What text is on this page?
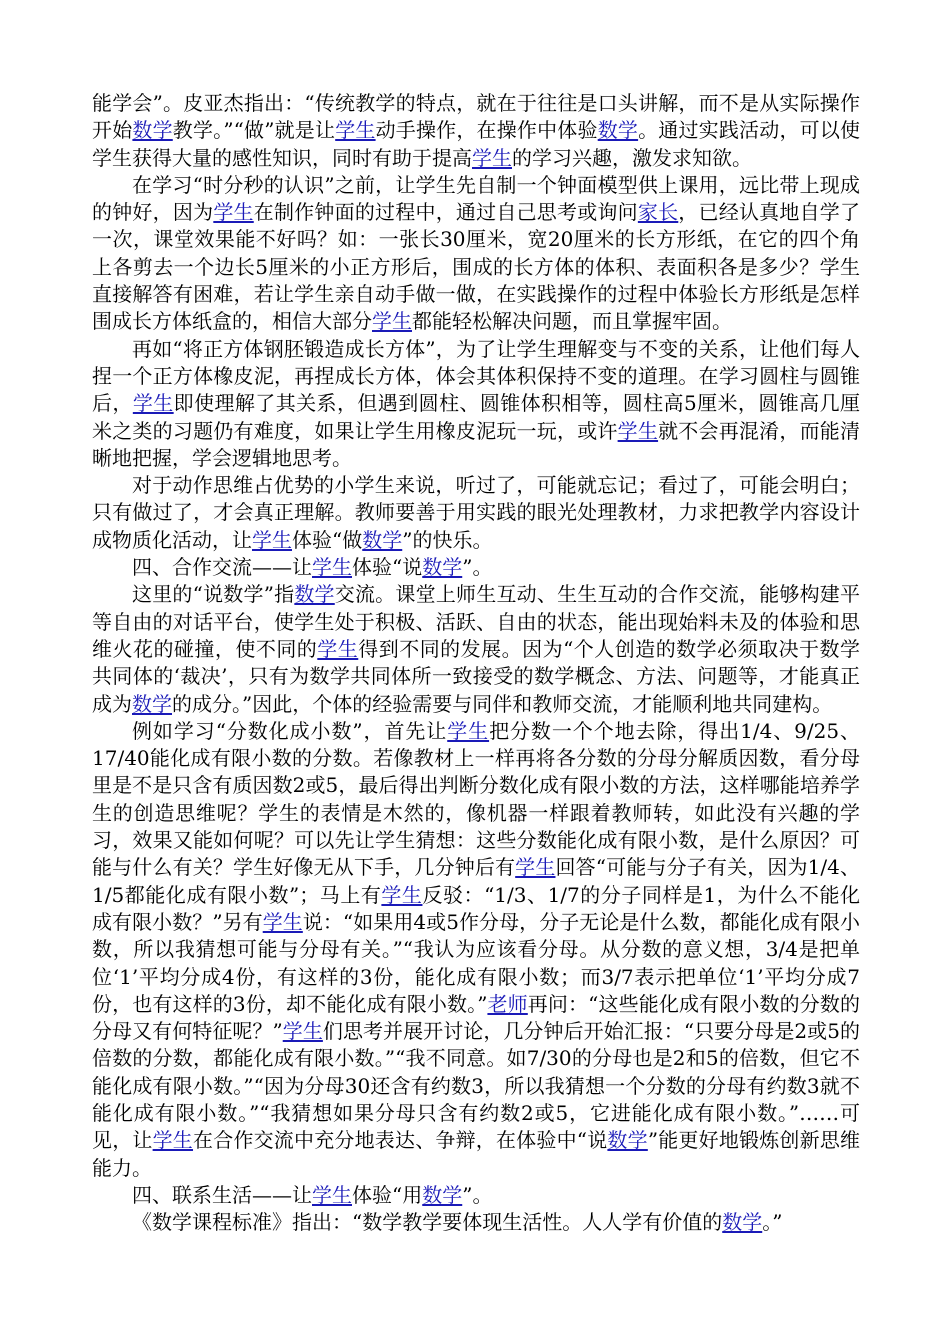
能学会”。皮亚杰指出：“传统教学的特点，就在于往往是口头讲解，而不是从实际操作开始数学教学。”“做”就是让学生动手操作，在操作中体验数学。通过实践活动，可以使学生获得大量的感性知识，同时有助于提高学生的学习兴趣，激发求知欲。

在学习“时分秒的认识”之前，让学生先自制一个钟面模型供上课用，远比带上现成的钟好，因为学生在制作钟面的过程中，通过自己思考或询问家长，已经认真地自学了一次，课堂效果能不好吗？如：一张长30厘米，宽20厘米的长方形纸，在它的四个角上各剪去一个边长5厘米的小正方形后，围成的长方体的体积、表面积各是多少？学生直接解答有困难，若让学生亲自动手做一做，在实践操作的过程中体验长方形纸是怎样围成长方体纸盒的，相信大部分学生都能轻松解决问题，而且掌握牢固。

再如“将正方体钢胚锻造成长方体”，为了让学生理解变与不变的关系，让他们每人捏一个正方体橡皮泥，再捏成长方体，体会其体积保持不变的道理。在学习圆柱与圆锥后，学生即使理解了其关系，但遇到圆柱、圆锥体积相等，圆柱高5厘米，圆锥高几厘米之类的习题仍有难度，如果让学生用橡皮泥玩一玩，或许学生就不会再混淆，而能清晰地把握，学会逻辑地思考。

对于动作思维占优势的小学生来说，听过了，可能就忘记；看过了，可能会明白；只有做过了，才会真正理解。教师要善于用实践的眼光处理教材，力求把教学内容设计成物质化活动，让学生体验“做数学”的快乐。

四、合作交流——让学生体验“说数学”。

这里的“说数学”指数学交流。课堂上师生互动、生生互动的合作交流，能够构建平等自由的对话平台，使学生处于积极、活跃、自由的状态，能出现始料未及的体验和思维火花的碰撞，使不同的学生得到不同的发展。因为“个人创造的数学必须取决于数学共同体的‘裁决’，只有为数学共同体所一致接受的数学概念、方法、问题等，才能真正成为数学的成分。”因此，个体的经验需要与同伴和教师交流，才能顺利地共同建构。

例如学习“分数化成小数”，首先让学生把分数一个个地去除，得出1/4、9/25、17/40能化成有限小数的分数。若像教材上一样再将各分数的分母分解质因数，看分母里是不是只含有质因数2或5，最后得出判断分数化成有限小数的方法，这样哪能培养学生的创造思维呢？学生的表情是木然的，像机器一样跟着教师转，如此没有兴趣的学习，效果又能如何呢？可以先让学生猜想：这些分数能化成有限小数，是什么原因？可能与什么有关？学生好像无从下手，几分钟后有学生回答“可能与分子有关，因为1/4、1/5都能化成有限小数”；马上有学生反驳：“1/3、1/7的分子同样是1，为什么不能化成有限小数？”另有学生说：“如果用4或5作分母，分子无论是什么数，都能化成有限小数，所以我猜想可能与分母有关。”“我认为应该看分母。从分数的意义想，3/4是把单位‘1’平均分成4份，有这样的3份，能化成有限小数；而3/7表示把单位‘1’平均分成7份，也有这样的3份，却不能化成有限小数。”老师再问：“这些能化成有限小数的分数的分母又有何特征呢？”学生们思考并展开讨论，几分钟后开始汇报：“只要分母是2或5的倍数的分数，都能化成有限小数。”“我不同意。如7/30的分母也是2和5的倍数，但它不能化成有限小数。”“因为分母30还含有约数3，所以我猜想一个分数的分母有约数3就不能化成有限小数。”“我猜想如果分母只含有约数2或5，它进能化成有限小数。”……可见，让学生在合作交流中充分地表达、争辩，在体验中“说数学”能更好地锻炼创新思维能力。

四、联系生活——让学生体验“用数学”。

《数学课程标准》指出：“数学教学要体现生活性。人人学有价值的数学。”
